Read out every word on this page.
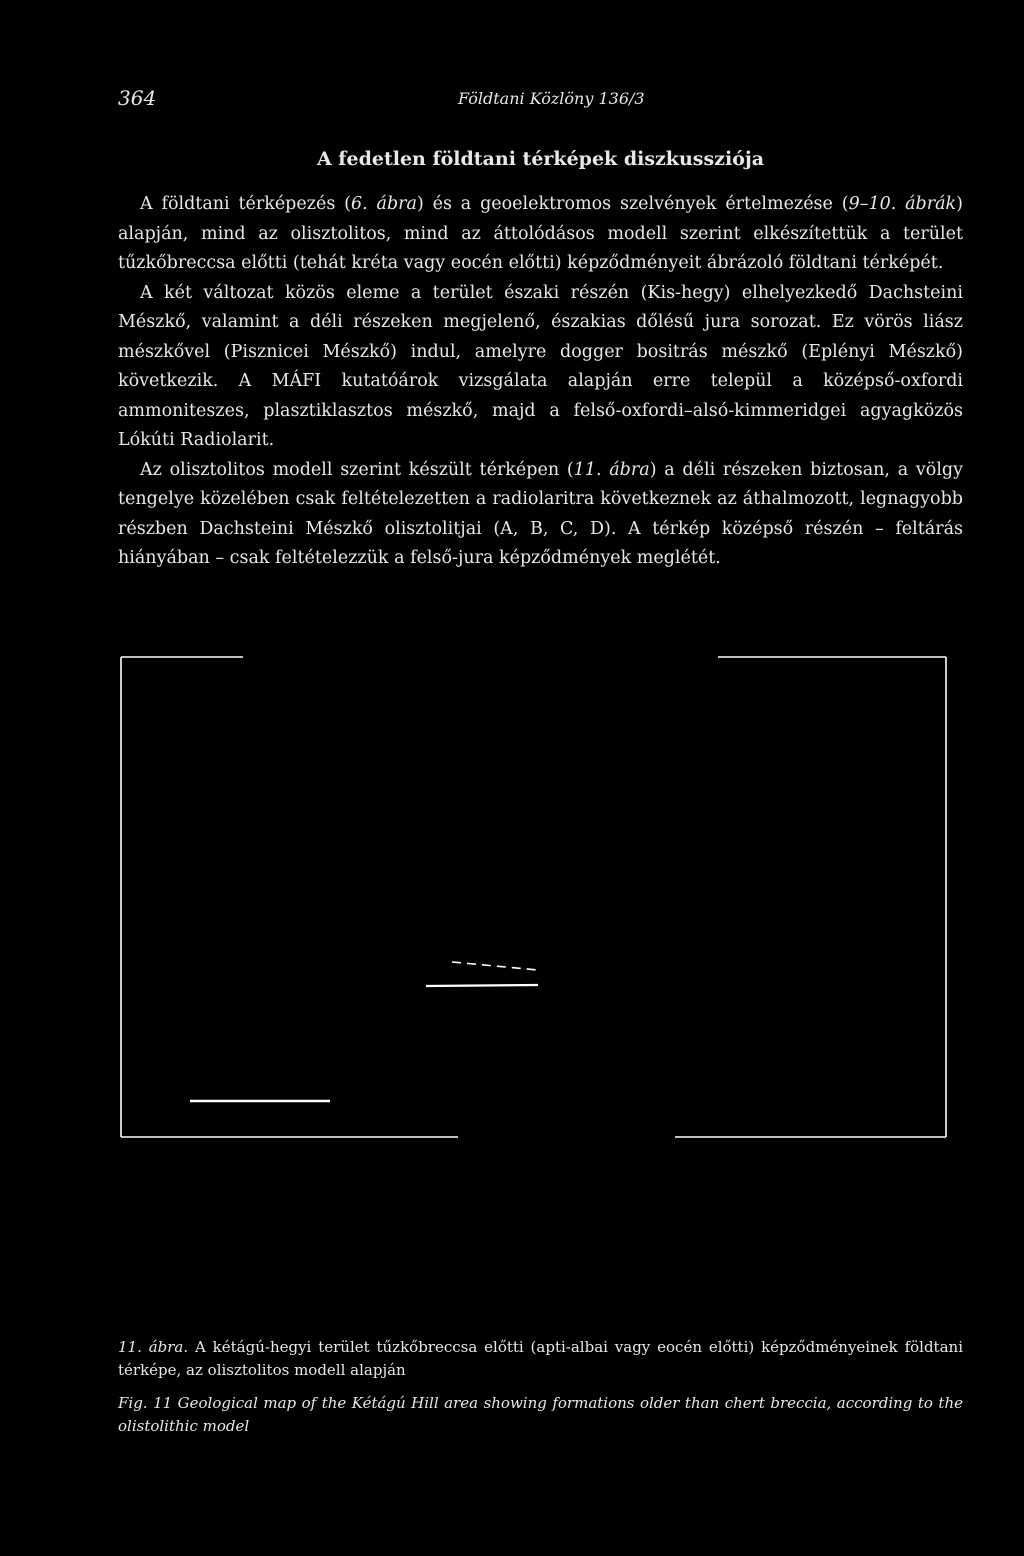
364	Földtani Közlöny 136/3
A fedetlen földtani térképek diszkussziója

A földtani térképezés (6. ábra) és a geoelektromos szelvények értelmezése (9–10. ábrák) alapján, mind az olisztolitos, mind az áttolódásos modell szerint elkészítettük a terület tűzkőbreccsa előtti (tehát kréta vagy eocén előtti) képződményeit ábrázoló földtani térképét.

A két változat közös eleme a terület északi részén (Kis-hegy) elhelyezkedő Dachsteini Mészkő, valamint a déli részeken megjelenő, északias dőlésű jura sorozat. Ez vörös liász mészkővel (Pisznicei Mészkő) indul, amelyre dogger bositrás mészkő (Eplényi Mészkő) következik. A MÁFI kutatóárok vizsgálata alapján erre települ a középső-oxfordi ammoniteszes, plasztiklasztos mészkő, majd a felső-oxfordi–alsó-kimmeridgei agyagközös Lókúti Radiolarit.

Az olisztolitos modell szerint készült térképen (11. ábra) a déli részeken biztosan, a völgy tengelye közelében csak feltételezetten a radiolaritra következnek az áthalmozott, legnagyobb részben Dachsteini Mészkő olisztolitjai (A, B, C, D). A térkép középső részén – feltárás hiányában – csak feltételezzük a felső-jura képződmények meglétét.

11. ábra. A kétágú-hegyi terület tűzkőbreccsa előtti (apti-albai vagy eocén előtti) képződményeinek földtani térképe, az olisztolitos modell alapján

Fig. 11 Geological map of the Kétágú Hill area showing formations older than chert breccia, according to the olistolithic model
